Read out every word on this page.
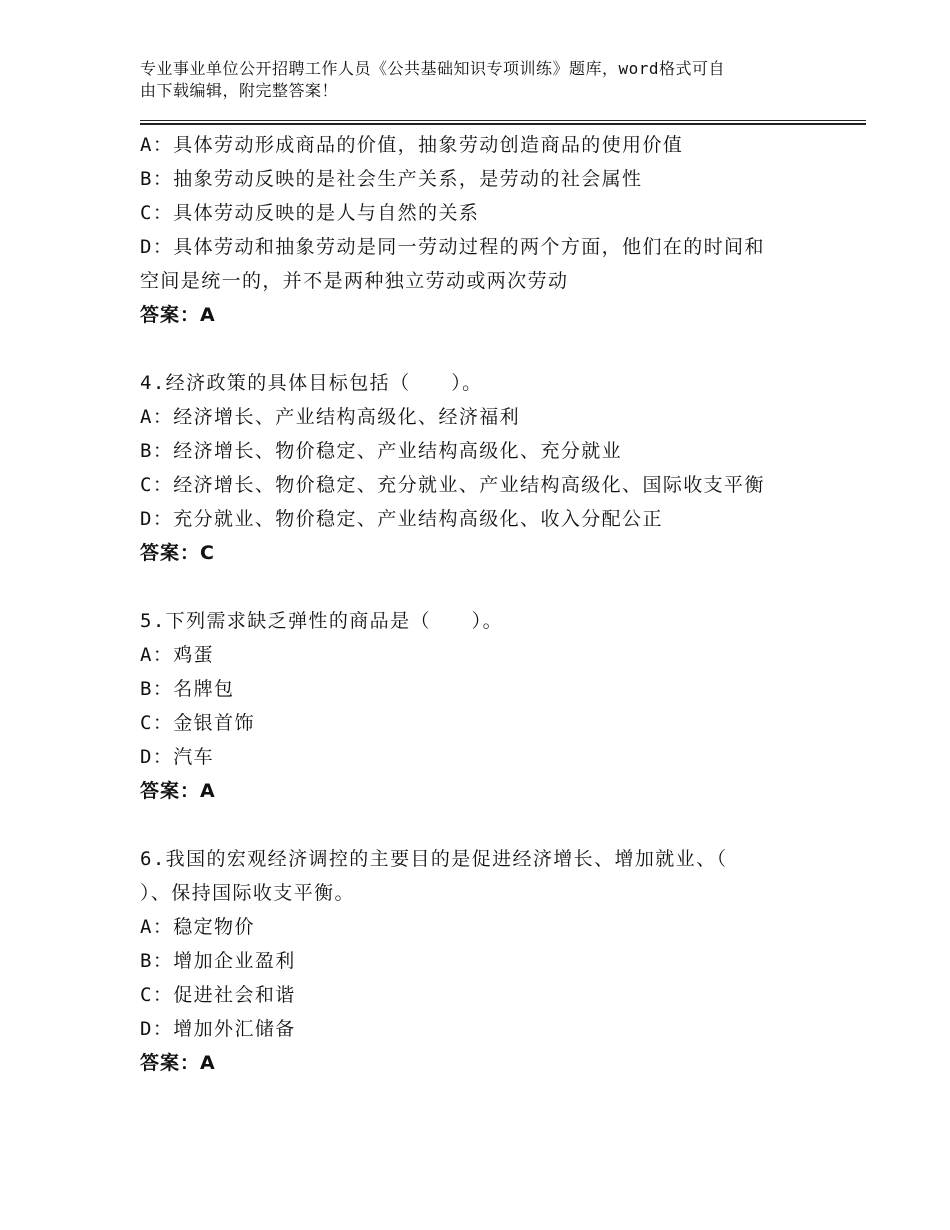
专业事业单位公开招聘工作人员《公共基础知识专项训练》题库，word格式可自
由下载编辑，附完整答案！
A：具体劳动形成商品的价值，抽象劳动创造商品的使用价值
B：抽象劳动反映的是社会生产关系，是劳动的社会属性
C：具体劳动反映的是人与自然的关系
D：具体劳动和抽象劳动是同一劳动过程的两个方面，他们在的时间和
空间是统一的，并不是两种独立劳动或两次劳动
答案：A
4.经济政策的具体目标包括（　　）。
A：经济增长、产业结构高级化、经济福利
B：经济增长、物价稳定、产业结构高级化、充分就业
C：经济增长、物价稳定、充分就业、产业结构高级化、国际收支平衡
D：充分就业、物价稳定、产业结构高级化、收入分配公正
答案：C
5.下列需求缺乏弹性的商品是（　　）。
A：鸡蛋
B：名牌包
C：金银首饰
D：汽车
答案：A
6.我国的宏观经济调控的主要目的是促进经济增长、增加就业、（
）、保持国际收支平衡。
A：稳定物价
B：增加企业盈利
C：促进社会和谐
D：增加外汇储备
答案：A
